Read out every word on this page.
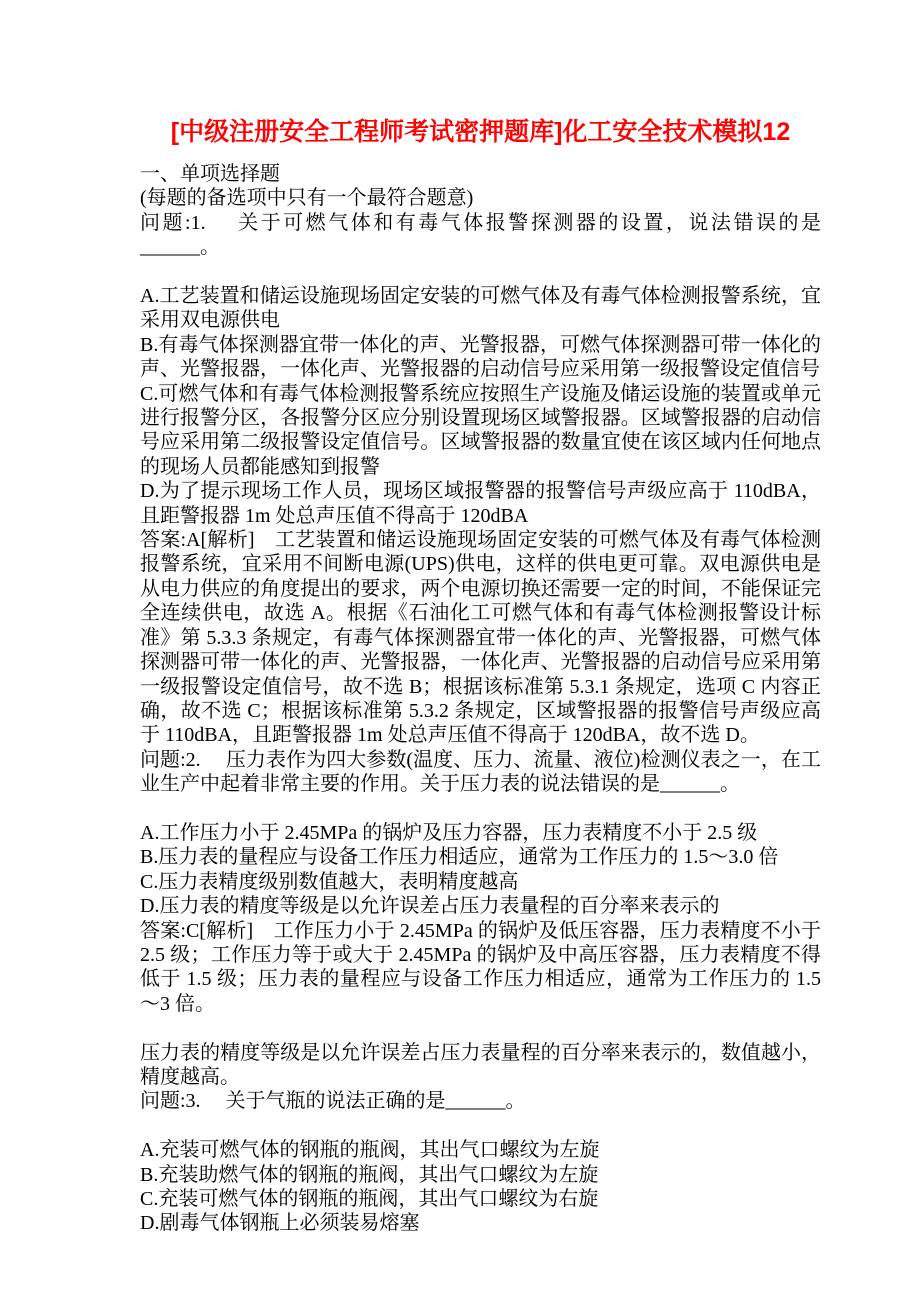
[中级注册安全工程师考试密押题库]化工安全技术模拟12

一、单项选择题

(每题的备选项中只有一个最符合题意)

问题:1.　 关于可燃气体和有毒气体报警探测器的设置，说法错误的是______。

A.工艺装置和储运设施现场固定安装的可燃气体及有毒气体检测报警系统，宜采用双电源供电

B.有毒气体探测器宜带一体化的声、光警报器，可燃气体探测器可带一体化的声、光警报器，一体化声、光警报器的启动信号应采用第一级报警设定值信号

C.可燃气体和有毒气体检测报警系统应按照生产设施及储运设施的装置或单元进行报警分区，各报警分区应分别设置现场区域警报器。区域警报器的启动信号应采用第二级报警设定值信号。区域警报器的数量宜使在该区域内任何地点的现场人员都能感知到报警

D.为了提示现场工作人员，现场区域报警器的报警信号声级应高于 110dBA，且距警报器 1m 处总声压值不得高于 120dBA

答案:A[解析]　工艺装置和储运设施现场固定安装的可燃气体及有毒气体检测报警系统，宜采用不间断电源(UPS)供电，这样的供电更可靠。双电源供电是从电力供应的角度提出的要求，两个电源切换还需要一定的时间，不能保证完全连续供电，故选 A。根据《石油化工可燃气体和有毒气体检测报警设计标准》第 5.3.3 条规定，有毒气体探测器宜带一体化的声、光警报器，可燃气体探测器可带一体化的声、光警报器，一体化声、光警报器的启动信号应采用第一级报警设定值信号，故不选 B；根据该标准第 5.3.1 条规定，选项 C 内容正确，故不选 C；根据该标准第 5.3.2 条规定，区域警报器的报警信号声级应高于 110dBA，且距警报器 1m 处总声压值不得高于 120dBA，故不选 D。

问题:2.　 压力表作为四大参数(温度、压力、流量、液位)检测仪表之一，在工业生产中起着非常主要的作用。关于压力表的说法错误的是______。

A.工作压力小于 2.45MPa 的锅炉及压力容器，压力表精度不小于 2.5 级

B.压力表的量程应与设备工作压力相适应，通常为工作压力的 1.5～3.0 倍

C.压力表精度级别数值越大，表明精度越高

D.压力表的精度等级是以允许误差占压力表量程的百分率来表示的

答案:C[解析]　工作压力小于 2.45MPa 的锅炉及低压容器，压力表精度不小于 2.5 级；工作压力等于或大于 2.45MPa 的锅炉及中高压容器，压力表精度不得低于 1.5 级；压力表的量程应与设备工作压力相适应，通常为工作压力的 1.5～3 倍。

压力表的精度等级是以允许误差占压力表量程的百分率来表示的，数值越小，精度越高。

问题:3.　 关于气瓶的说法正确的是______。

A.充装可燃气体的钢瓶的瓶阀，其出气口螺纹为左旋

B.充装助燃气体的钢瓶的瓶阀，其出气口螺纹为左旋

C.充装可燃气体的钢瓶的瓶阀，其出气口螺纹为右旋

D.剧毒气体钢瓶上必须装易熔塞
